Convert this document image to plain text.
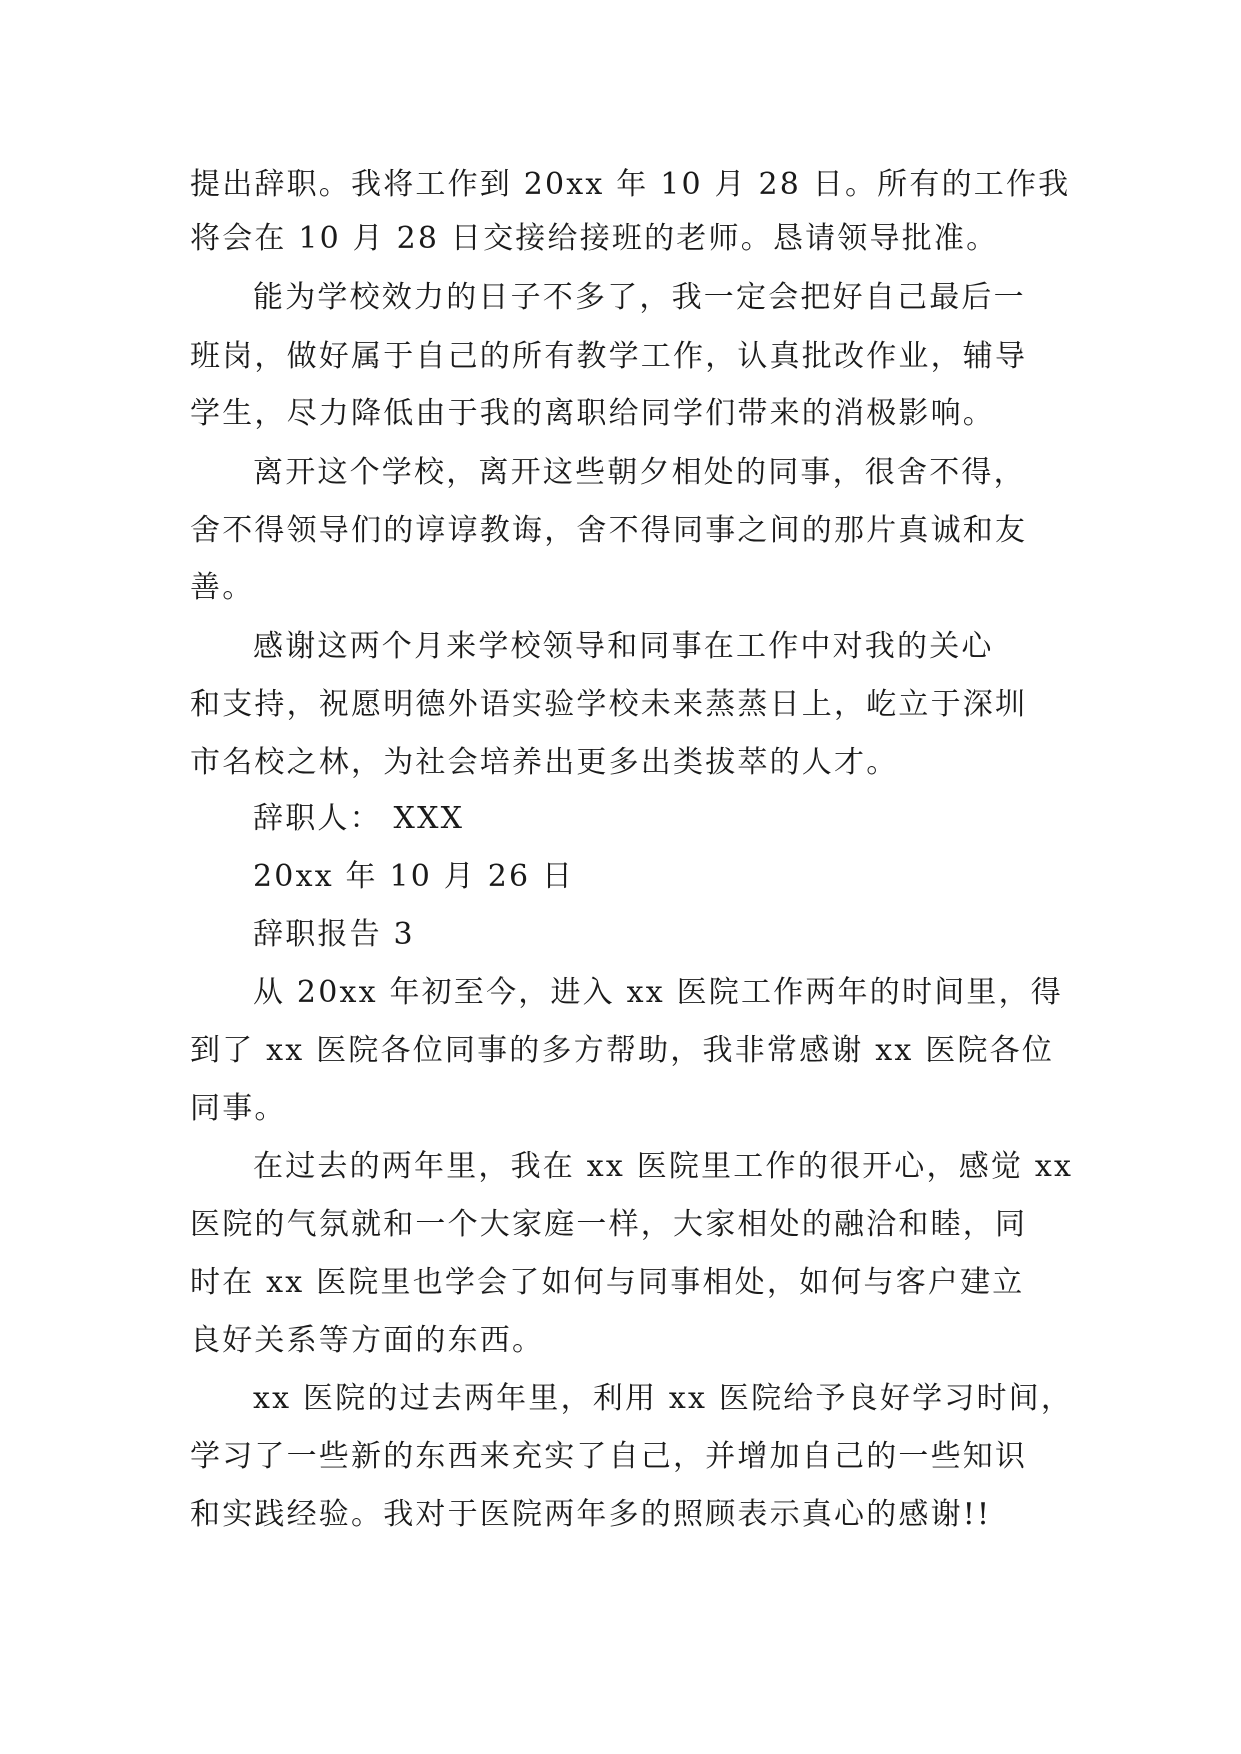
提出辞职。我将工作到 20xx 年 10 月 28 日。所有的工作我
将会在 10 月 28 日交接给接班的老师。恳请领导批准。
能为学校效力的日子不多了，我一定会把好自己最后一
班岗，做好属于自己的所有教学工作，认真批改作业，辅导
学生，尽力降低由于我的离职给同学们带来的消极影响。
离开这个学校，离开这些朝夕相处的同事，很舍不得，
舍不得领导们的谆谆教诲，舍不得同事之间的那片真诚和友
善。
感谢这两个月来学校领导和同事在工作中对我的关心
和支持，祝愿明德外语实验学校未来蒸蒸日上，屹立于深圳
市名校之林，为社会培养出更多出类拔萃的人才。
辞职人： XXX
20xx 年 10 月 26 日
辞职报告 3
从 20xx 年初至今，进入 xx 医院工作两年的时间里，得
到了 xx 医院各位同事的多方帮助，我非常感谢 xx 医院各位
同事。
在过去的两年里，我在 xx 医院里工作的很开心，感觉 xx
医院的气氛就和一个大家庭一样，大家相处的融洽和睦，同
时在 xx 医院里也学会了如何与同事相处，如何与客户建立
良好关系等方面的东西。
xx 医院的过去两年里，利用 xx 医院给予良好学习时间，
学习了一些新的东西来充实了自己，并增加自己的一些知识
和实践经验。我对于医院两年多的照顾表示真心的感谢!!
